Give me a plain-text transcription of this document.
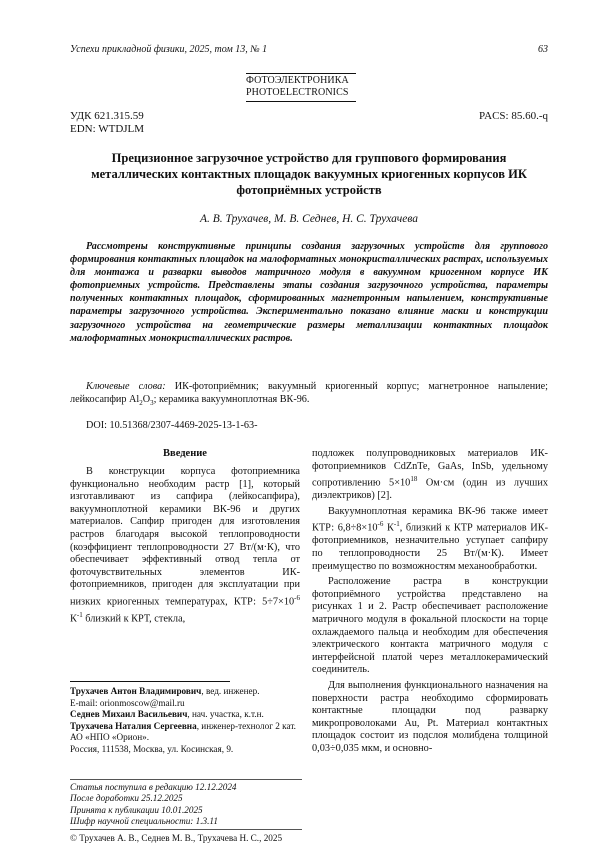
Успехи прикладной физики, 2025, том 13, № 1	63
ФОТОЭЛЕКТРОНИКА
PHOTOELECTRONICS
УДК 621.315.59
EDN: WTDJLM
PACS: 85.60.-q
Прецизионное загрузочное устройство для группового формирования металлических контактных площадок вакуумных криогенных корпусов ИК фотоприёмных устройств
А. В. Трухачев, М. В. Седнев, Н. С. Трухачева
Рассмотрены конструктивные принципы создания загрузочных устройств для группового формирования контактных площадок на малоформатных монокристаллических растрах, используемых для монтажа и разварки выводов матричного модуля в вакуумном криогенном корпусе ИК фотоприемных устройств. Представлены этапы создания загрузочного устройства, параметры полученных контактных площадок, сформированных магнетронным напылением, конструктивные параметры загрузочного устройства. Экспериментально показано влияние маски и конструкции загрузочного устройства на геометрические размеры металлизации контактных площадок малоформатных монокристаллических растров.
Ключевые слова: ИК-фотоприёмник; вакуумный криогенный корпус; магнетронное напыление; лейкосапфир Al2O3; керамика вакуумноплотная ВК-96.
DOI: 10.51368/2307-4469-2025-13-1-63-
Введение

В конструкции корпуса фотоприемника функционально необходим растр [1], который изготавливают из сапфира (лейкосапфира), вакуумноплотной керамики ВК-96 и других материалов. Сапфир пригоден для изготовления растров благодаря высокой теплопроводности (коэффициент теплопроводности 27 Вт/(м·К), что обеспечивает эффективный отвод тепла от фоточувствительных элементов ИК-фотоприемников, пригоден для эксплуатации при низких криогенных температурах, КТР: 5÷7×10-6 К-1 близкий к КРТ, стекла,

подложек полупроводниковых материалов ИК-фотоприемников CdZnTe, GaAs, InSb, удельному сопротивлению 5×1018 Ом·см (один из лучших диэлектриков) [2].

Вакуумноплотная керамика ВК-96 также имеет КТР: 6,8÷8×10-6 К-1, близкий к КТР материалов ИК-фотоприемников, незначительно уступает сапфиру по теплопроводности 25 Вт/(м·К). Имеет преимущество по возможностям механообработки.

Расположение растра в конструкции фотоприёмного устройства представлено на рисунках 1 и 2. Растр обеспечивает расположение матричного модуля в фокальной плоскости на торце охлаждаемого пальца и необходим для обеспечения электрического контакта матричного модуля с интерфейсной платой через металлокерамический соединитель.

Для выполнения функционального назначения на поверхности растра необходимо сформировать контактные площадки под разварку микропроволоками Au, Pt. Материал контактных площадок состоит из подслоя молибдена толщиной 0,03÷0,035 мкм, и основно-

Трухачев Антон Владимирович, вед. инженер.
E-mail: orionmoscow@mail.ru
Седнев Михаил Васильевич, нач. участка, к.т.н.
Трухачева Наталия Сергеевна, инженер-технолог 2 кат.
АО «НПО «Орион».
Россия, 111538, Москва, ул. Косинская, 9.
Статья поступила в редакцию 12.12.2024
После доработки 25.12.2025
Принята к публикации 10.01.2025
Шифр научной специальности: 1.3.11
© Трухачев А. В., Седнев М. В., Трухачева Н. С., 2025
